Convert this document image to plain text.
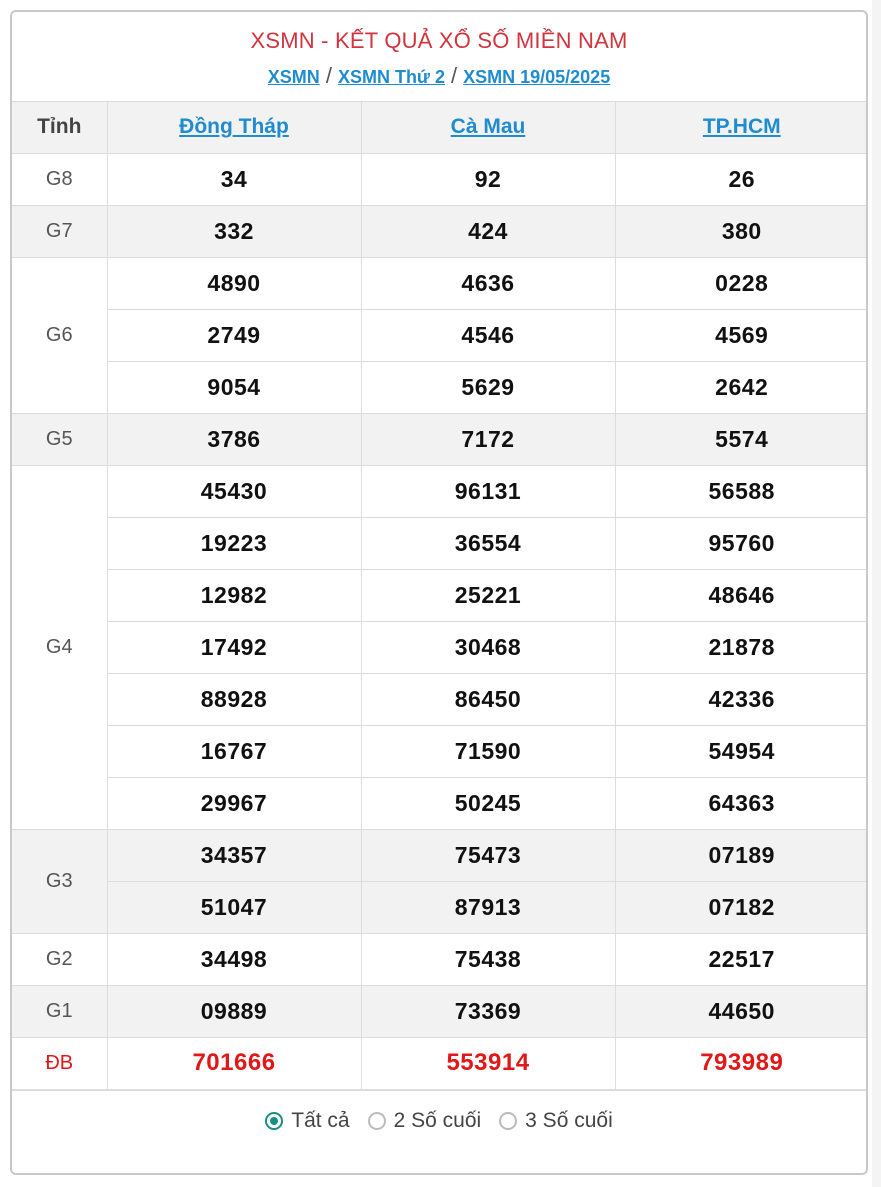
XSMN - KẾT QUẢ XỔ SỐ MIỀN NAM
XSMN / XSMN Thứ 2 / XSMN 19/05/2025
Tỉnh	Đồng Tháp	Cà Mau	TP.HCM
G8	34	92	26
G7	332	424	380
G6	4890	4636	0228
	2749	4546	4569
	9054	5629	2642
G5	3786	7172	5574
G4	45430	96131	56588
	19223	36554	95760
	12982	25221	48646
	17492	30468	21878
	88928	86450	42336
	16767	71590	54954
	29967	50245	64363
G3	34357	75473	07189
	51047	87913	07182
G2	34498	75438	22517
G1	09889	73369	44650
ĐB	701666	553914	793989
Tất cả 2 Số cuối 3 Số cuối
